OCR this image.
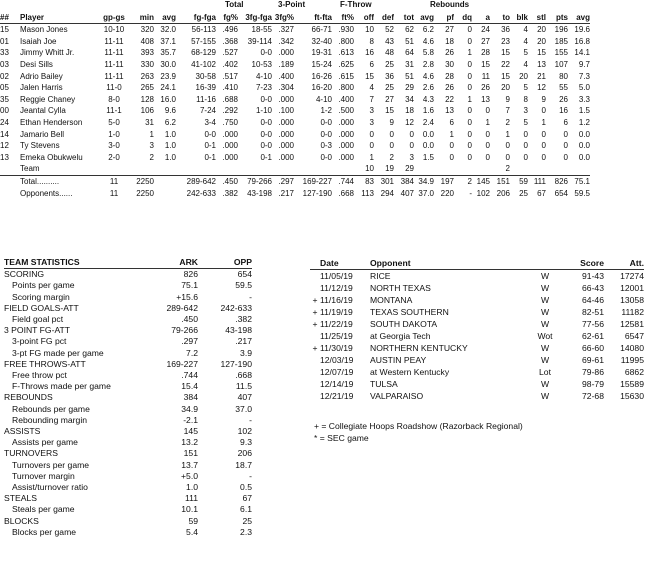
Total	3-Point	F-Throw	Rebounds
##	Player	gp-gs	min	avg	fg-fga	fg%	3fg-fga	3fg%	ft-fta	ft%	off	def	tot	avg	pf	dq	a	to	blk	stl	pts	avg
15	Mason Jones	10-10	320	32.0	56-113	.496	18-55	.327	66-71	.930	10	52	62	6.2	27	0	24	36	4	20	196	19.6
01	Isaiah Joe	11-11	408	37.1	57-155	.368	39-114	.342	32-40	.800	8	43	51	4.6	18	0	27	23	4	20	185	16.8
33	Jimmy Whitt Jr.	11-11	393	35.7	68-129	.527	0-0	.000	19-31	.613	16	48	64	5.8	26	1	28	15	5	15	155	14.1
03	Desi Sills	11-11	330	30.0	41-102	.402	10-53	.189	15-24	.625	6	25	31	2.8	30	0	15	22	4	13	107	9.7
02	Adrio Bailey	11-11	263	23.9	30-58	.517	4-10	.400	16-26	.615	15	36	51	4.6	28	0	11	15	20	21	80	7.3
05	Jalen Harris	11-0	265	24.1	16-39	.410	7-23	.304	16-20	.800	4	25	29	2.6	26	0	26	20	5	12	55	5.0
35	Reggie Chaney	8-0	128	16.0	11-16	.688	0-0	.000	4-10	.400	7	27	34	4.3	22	1	13	9	8	9	26	3.3
00	Jeantal Cylla	11-1	106	9.6	7-24	.292	1-10	.100	1-2	.500	3	15	18	1.6	13	0	0	7	3	0	16	1.5
24	Ethan Henderson	5-0	31	6.2	3-4	.750	0-0	.000	0-0	.000	3	9	12	2.4	6	0	1	2	5	1	6	1.2
14	Jamario Bell	1-0	1	1.0	0-0	.000	0-0	.000	0-0	.000	0	0	0	0.0	1	0	0	1	0	0	0	0.0
12	Ty Stevens	3-0	3	1.0	0-1	.000	0-0	.000	0-3	.000	0	0	0	0.0	0	0	0	0	0	0	0	0.0
13	Emeka Obukwelu	2-0	2	1.0	0-1	.000	0-1	.000	0-0	.000	1	2	3	1.5	0	0	0	0	0	0	0	0.0
	Team										10	19	29					2				
	Total..........	11	2250		289-642	.450	79-266	.297	169-227	.744	83	301	384	34.9	197	2	145	151	59	111	826	75.1
	Opponents......	11	2250		242-633	.382	43-198	.217	127-190	.668	113	294	407	37.0	220	-	102	206	25	67	654	59.5
TEAM STATISTICS	ARK	OPP
SCORING	826	654
Points per game	75.1	59.5
Scoring margin	+15.6	-
FIELD GOALS-ATT	289-642	242-633
Field goal pct	.450	.382
3 POINT FG-ATT	79-266	43-198
3-point FG pct	.297	.217
3-pt FG made per game	7.2	3.9
FREE THROWS-ATT	169-227	127-190
Free throw pct	.744	.668
F-Throws made per game	15.4	11.5
REBOUNDS	384	407
Rebounds per game	34.9	37.0
Rebounding margin	-2.1	-
ASSISTS	145	102
Assists per game	13.2	9.3
TURNOVERS	151	206
Turnovers per game	13.7	18.7
Turnover margin	+5.0	-
Assist/turnover ratio	1.0	0.5
STEALS	111	67
Steals per game	10.1	6.1
BLOCKS	59	25
Blocks per game	5.4	2.3
	Date	Opponent		Score	Att.
	11/05/19	RICE	W	91-43	17274
	11/12/19	NORTH TEXAS	W	66-43	12001
+	11/16/19	MONTANA	W	64-46	13058
+	11/19/19	TEXAS SOUTHERN	W	82-51	11182
+	11/22/19	SOUTH DAKOTA	W	77-56	12581
	11/25/19	at Georgia Tech	Wot	62-61	6547
+	11/30/19	NORTHERN KENTUCKY	W	66-60	14080
	12/03/19	AUSTIN PEAY	W	69-61	11995
	12/07/19	at Western Kentucky	Lot	79-86	6862
	12/14/19	TULSA	W	98-79	15589
	12/21/19	VALPARAISO	W	72-68	15630
+ = Collegiate Hoops Roadshow (Razorback Regional)
* = SEC game
